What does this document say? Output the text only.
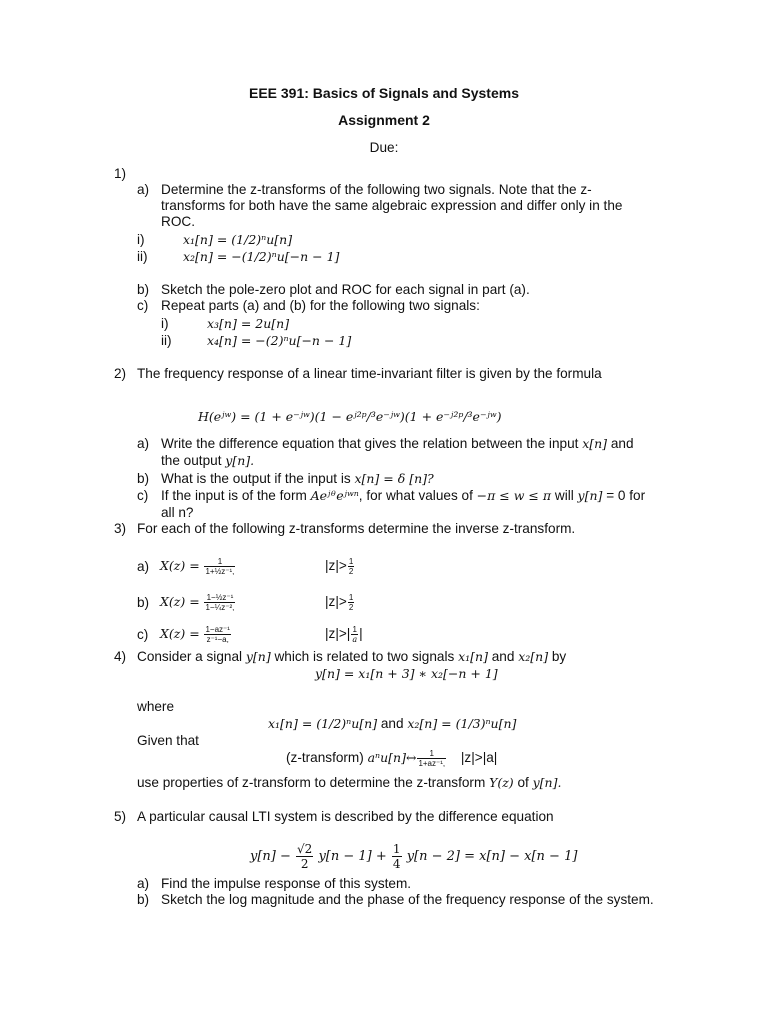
EEE 391: Basics of Signals and Systems
Assignment 2
Due:
1)
a) Determine the z-transforms of the following two signals. Note that the z-
transforms for both have the same algebraic expression and differ only in the
ROC.
i)	x₁[n] = (1/2)ⁿu[n]
ii)	x₂[n] = −(1/2)ⁿu[−n − 1]
b) Sketch the pole-zero plot and ROC for each signal in part (a).
c) Repeat parts (a) and (b) for the following two signals:
i)	x₃[n] = 2u[n]
ii)	x₄[n] = −(2)ⁿu[−n − 1]
2) The frequency response of a linear time-invariant filter is given by the formula
H(eʲʷ) = (1 + e⁻ʲʷ)(1 − eʲ²ᵖ/³e⁻ʲʷ)(1 + e⁻ʲ²ᵖ/³e⁻ʲʷ)
a) Write the difference equation that gives the relation between the input x[n] and
the output y[n].
b) What is the output if the input is x[n] = δ [n]?
c) If the input is of the form Aeʲᶿeʲʷⁿ, for what values of −π ≤ w ≤ π will y[n] = 0 for
all n?
3) For each of the following z-transforms determine the inverse z-transform.
a) $X(z) = \frac{1}{\text{1+½z⁻¹,}}$	$|z|> \frac{1}{2}$
b) $X(z) = \frac{\text{1−½z⁻¹}}{\text{1−¼z⁻²,}}$	$|z|> \frac{1}{2}$
c) $X(z) = \frac{\text{1−az⁻¹}}{\text{z⁻¹−a,}}$	$|z|>| \frac{1}{a}$ |
4) Consider a signal y[n] which is related to two signals x₁[n] and x₂[n] by
y[n] = x₁[n + 3] ∗ x₂[−n + 1]
where
x₁[n] = (1/2)ⁿu[n] and x₂[n] = (1/3)ⁿu[n]
Given that
(z-transform) aⁿu[n]↔ $\frac{1}{\text{1+az⁻¹,}} |z|>|a|$
use properties of z-transform to determine the z-transform Y(z) of y[n].
5) A particular causal LTI system is described by the difference equation
$y[n] - \frac{√2}{2} y[n - 1] + \frac{1}{4} y[n - 2] = x[n] - x[n - 1]$
a) Find the impulse response of this system.
b) Sketch the log magnitude and the phase of the frequency response of the system.
